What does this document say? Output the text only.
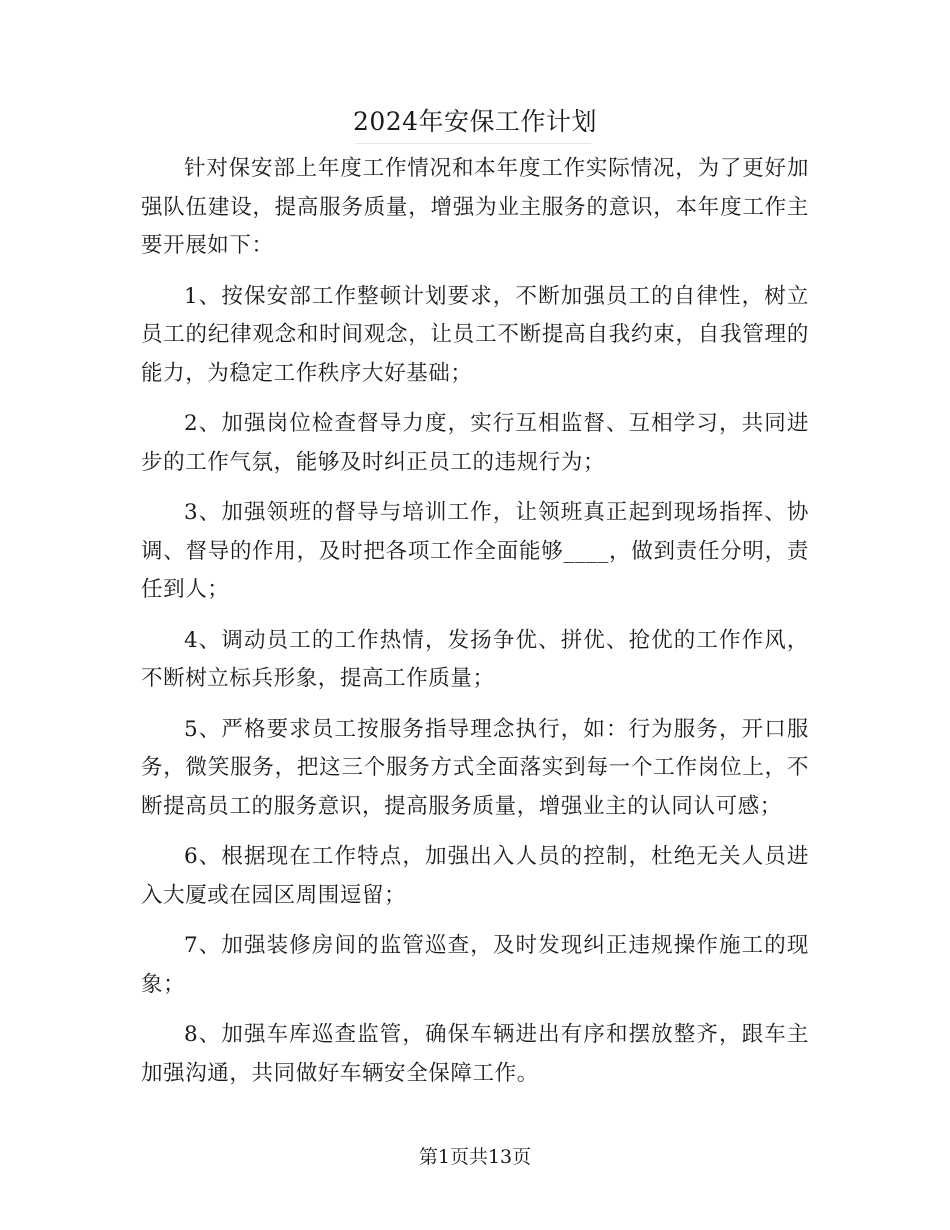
2024年安保工作计划

针对保安部上年度工作情况和本年度工作实际情况，为了更好加强队伍建设，提高服务质量，增强为业主服务的意识，本年度工作主要开展如下：

1、按保安部工作整顿计划要求，不断加强员工的自律性，树立员工的纪律观念和时间观念，让员工不断提高自我约束，自我管理的能力，为稳定工作秩序大好基础；

2、加强岗位检查督导力度，实行互相监督、互相学习，共同进步的工作气氛，能够及时纠正员工的违规行为；

3、加强领班的督导与培训工作，让领班真正起到现场指挥、协调、督导的作用，及时把各项工作全面能够____，做到责任分明，责任到人；

4、调动员工的工作热情，发扬争优、拼优、抢优的工作作风，不断树立标兵形象，提高工作质量；

5、严格要求员工按服务指导理念执行，如：行为服务，开口服务，微笑服务，把这三个服务方式全面落实到每一个工作岗位上，不断提高员工的服务意识，提高服务质量，增强业主的认同认可感；

6、根据现在工作特点，加强出入人员的控制，杜绝无关人员进入大厦或在园区周围逗留；

7、加强装修房间的监管巡查，及时发现纠正违规操作施工的现象；

8、加强车库巡查监管，确保车辆进出有序和摆放整齐，跟车主加强沟通，共同做好车辆安全保障工作。

第1页共13页
